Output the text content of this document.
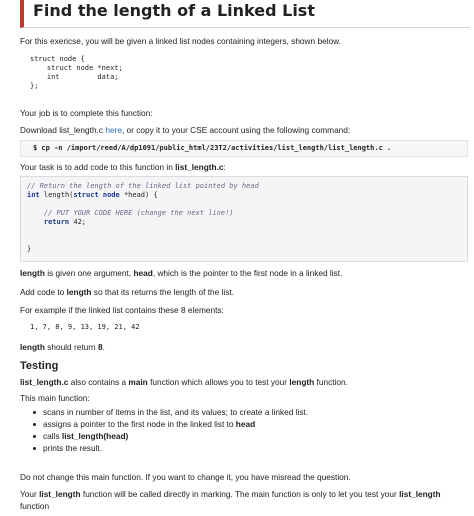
Find the length of a Linked List
For this exericse, you will be given a linked list nodes containing integers, shown below.
struct node {
struct node *next;
int         data;
};
Your job is to complete this function:
Download list_length.c here, or copy it to your CSE account using the following command:
$ cp -n /import/reed/A/dp1091/public_html/23T2/activities/list_length/list_length.c .
Your task is to add code to this function in list_length.c:
// Return the length of the linked list pointed by head
int length(struct node *head) {

// PUT YOUR CODE HERE (change the next line!)
return 42;

}
length is given one argument, head, which is the pointer to the first node in a linked list.
Add code to length so that its returns the length of the list.
For example if the linked list contains these 8 elements:
1, 7, 8, 9, 13, 19, 21, 42
length should return 8.
Testing
list_length.c also contains a main function which allows you to test your length function.
This main function:
scans in number of items in the list, and its values; to create a linked list.
assigns a pointer to the first node in the linked list to head
calls list_length(head)
prints the result.
Do not change this main function. If you want to change it, you have misread the question.
Your list_length function will be called directly in marking. The main function is only to let you test your list_length
function
